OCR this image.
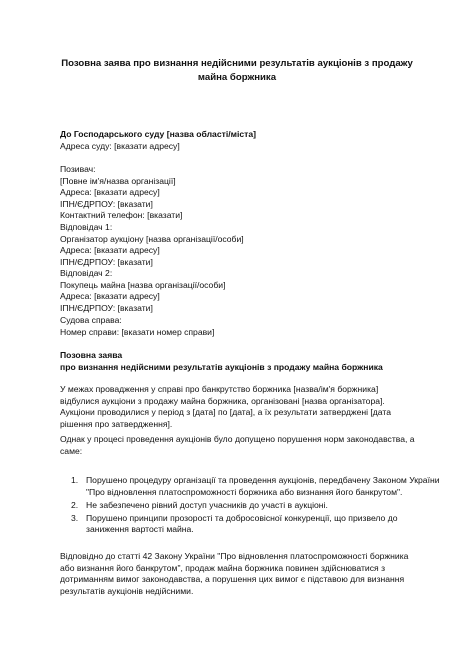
Позовна заява про визнання недійсними результатів аукціонів з продажу майна боржника
До Господарського суду [назва області/міста]
Адреса суду: [вказати адресу]
Позивач:
[Повне ім'я/назва організації]
Адреса: [вказати адресу]
ІПН/ЄДРПОУ: [вказати]
Контактний телефон: [вказати]
Відповідач 1:
Організатор аукціону [назва організації/особи]
Адреса: [вказати адресу]
ІПН/ЄДРПОУ: [вказати]
Відповідач 2:
Покупець майна [назва організації/особи]
Адреса: [вказати адресу]
ІПН/ЄДРПОУ: [вказати]
Судова справа:
Номер справи: [вказати номер справи]
Позовна заява
про визнання недійсними результатів аукціонів з продажу майна боржника
У межах провадження у справі про банкрутство боржника [назва/ім'я боржника] відбулися аукціони з продажу майна боржника, організовані [назва організатора]. Аукціони проводилися у період з [дата] по [дата], а їх результати затверджені [дата рішення про затвердження].
Однак у процесі проведення аукціонів було допущено порушення норм законодавства, а саме:
1. Порушено процедуру організації та проведення аукціонів, передбачену Законом України "Про відновлення платоспроможності боржника або визнання його банкрутом".
2. Не забезпечено рівний доступ учасників до участі в аукціоні.
3. Порушено принципи прозорості та добросовісної конкуренції, що призвело до заниження вартості майна.
Відповідно до статті 42 Закону України "Про відновлення платоспроможності боржника або визнання його банкрутом", продаж майна боржника повинен здійснюватися з дотриманням вимог законодавства, а порушення цих вимог є підставою для визнання результатів аукціонів недійсними.
